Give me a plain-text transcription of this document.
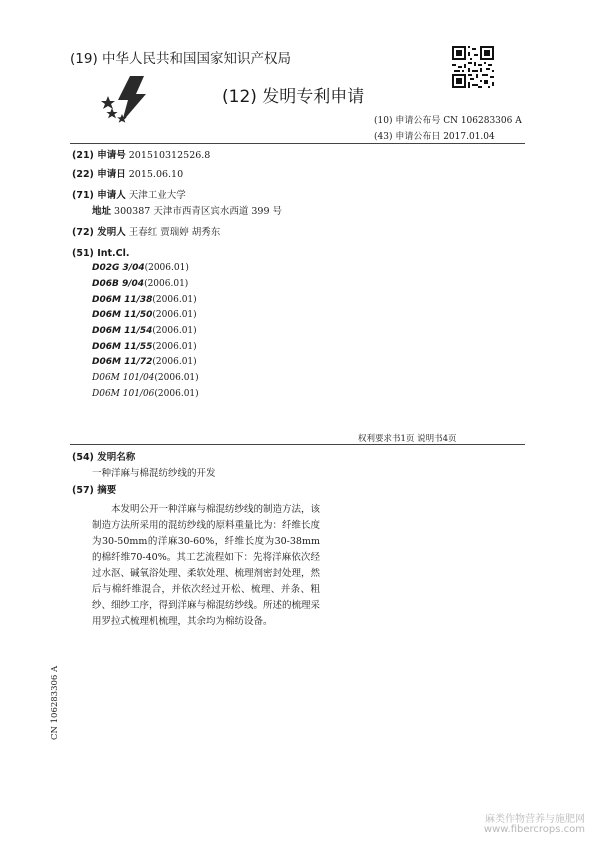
(19) 中华人民共和国国家知识产权局
(12) 发明专利申请
(10) 申请公布号 CN 106283306 A
(43) 申请公布日 2017.01.04
(21) 申请号 201510312526.8
(22) 申请日 2015.06.10
(71) 申请人 天津工业大学
地址 300387 天津市西青区宾水西道 399 号
(72) 发明人 王春红 贾瑞婷 胡秀东
(51) Int.Cl.
D02G 3/04(2006.01)
D06B 9/04(2006.01)
D06M 11/38(2006.01)
D06M 11/50(2006.01)
D06M 11/54(2006.01)
D06M 11/55(2006.01)
D06M 11/72(2006.01)
D06M 101/04(2006.01)
D06M 101/06(2006.01)
权利要求书1页 说明书4页
(54) 发明名称
一种洋麻与棉混纺纱线的开发
(57) 摘要
本发明公开一种洋麻与棉混纺纱线的制造方法，该制造方法所采用的混纺纱线的原料重量比为：纤维长度为30-50mm的洋麻30-60%，纤维长度为30-38mm的棉纤维70-40%。其工艺流程如下：先将洋麻依次经过水沤、碱氧浴处理、柔软处理、梳理剂密封处理，然后与棉纤维混合，并依次经过开松、梳理、并条、粗纱、细纱工序，得到洋麻与棉混纺纱线。所述的梳理采用罗拉式梳理机梳理，其余均为棉纺设备。
CN 106283306 A
麻类作物营养与施肥网
www.fibercrops.com
